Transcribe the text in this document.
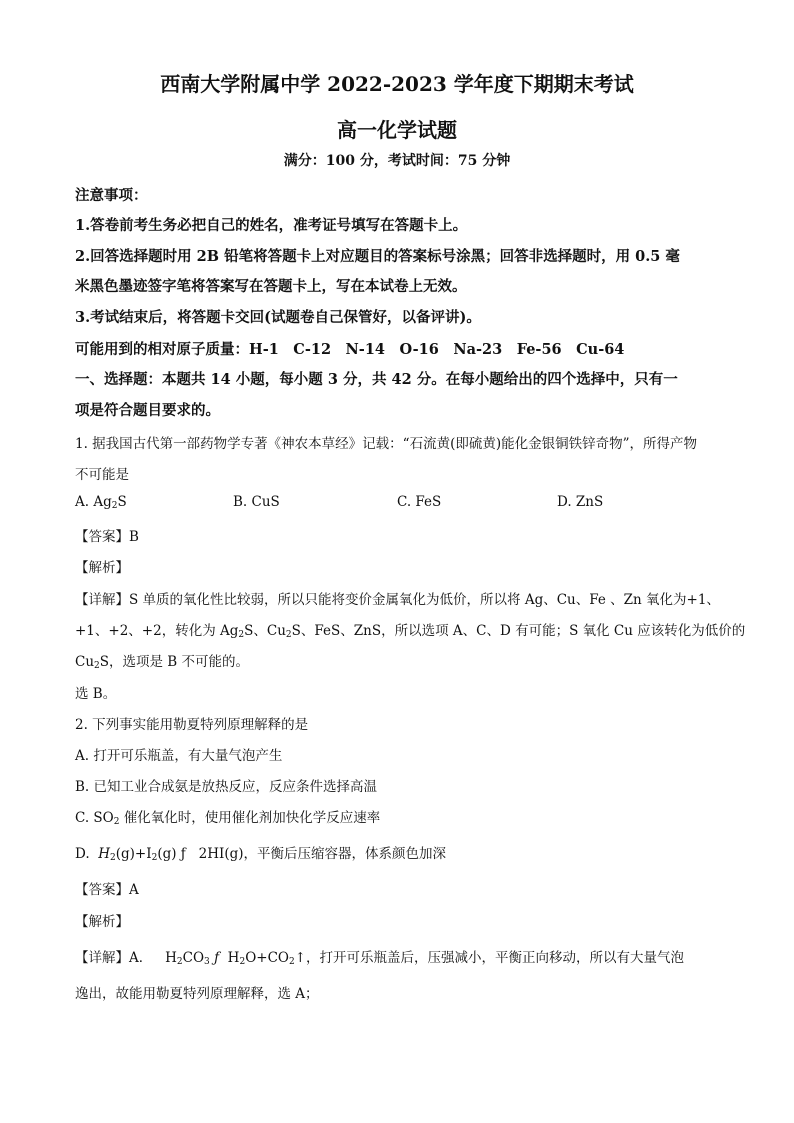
西南大学附属中学 2022-2023 学年度下期期末考试
高一化学试题
满分：100 分，考试时间：75 分钟
注意事项：
1.答卷前考生务必把自己的姓名，准考证号填写在答题卡上。
2.回答选择题时用 2B 铅笔将答题卡上对应题目的答案标号涂黑；回答非选择题时，用 0.5 毫
米黑色墨迹签字笔将答案写在答题卡上，写在本试卷上无效。
3.考试结束后，将答题卡交回(试题卷自己保管好，以备评讲)。
可能用到的相对原子质量：H-1　C-12　N-14　O-16　Na-23　Fe-56　Cu-64
一、选择题：本题共 14 小题，每小题 3 分，共 42 分。在每小题给出的四个选择中，只有一
项是符合题目要求的。
1. 据我国古代第一部药物学专著《神农本草经》记载：“石流黄(即硫黄)能化金银铜铁锌奇物”，所得产物
不可能是
A. $Ag_2S$	B. CuS	C. FeS	D. ZnS
【答案】B
【解析】
【详解】S 单质的氧化性比较弱，所以只能将变价金属氧化为低价，所以将 Ag、Cu、Fe 、Zn 氧化为+1、
+1、+2、+2，转化为 $Ag_2S$、$Cu_2S$、FeS、ZnS，所以选项 A、C、D 有可能；S 氧化 Cu 应该转化为低价的
$Cu_2S$，选项是 B 不可能的。
选 B。
2. 下列事实能用勒夏特列原理解释的是
A. 打开可乐瓶盖，有大量气泡产生
B. 已知工业合成氨是放热反应，反应条件选择高温
C. $SO_2$ 催化氧化时，使用催化剂加快化学反应速率
D. $H_2(g)+I_2(g)$ ƒ 2HI(g)，平衡后压缩容器，体系颜色加深
【答案】A
【解析】
【详解】A． $H_2CO_3$ ƒ $H_2O+CO_2↑$，打开可乐瓶盖后，压强减小，平衡正向移动，所以有大量气泡
逸出，故能用勒夏特列原理解释，选 A；
